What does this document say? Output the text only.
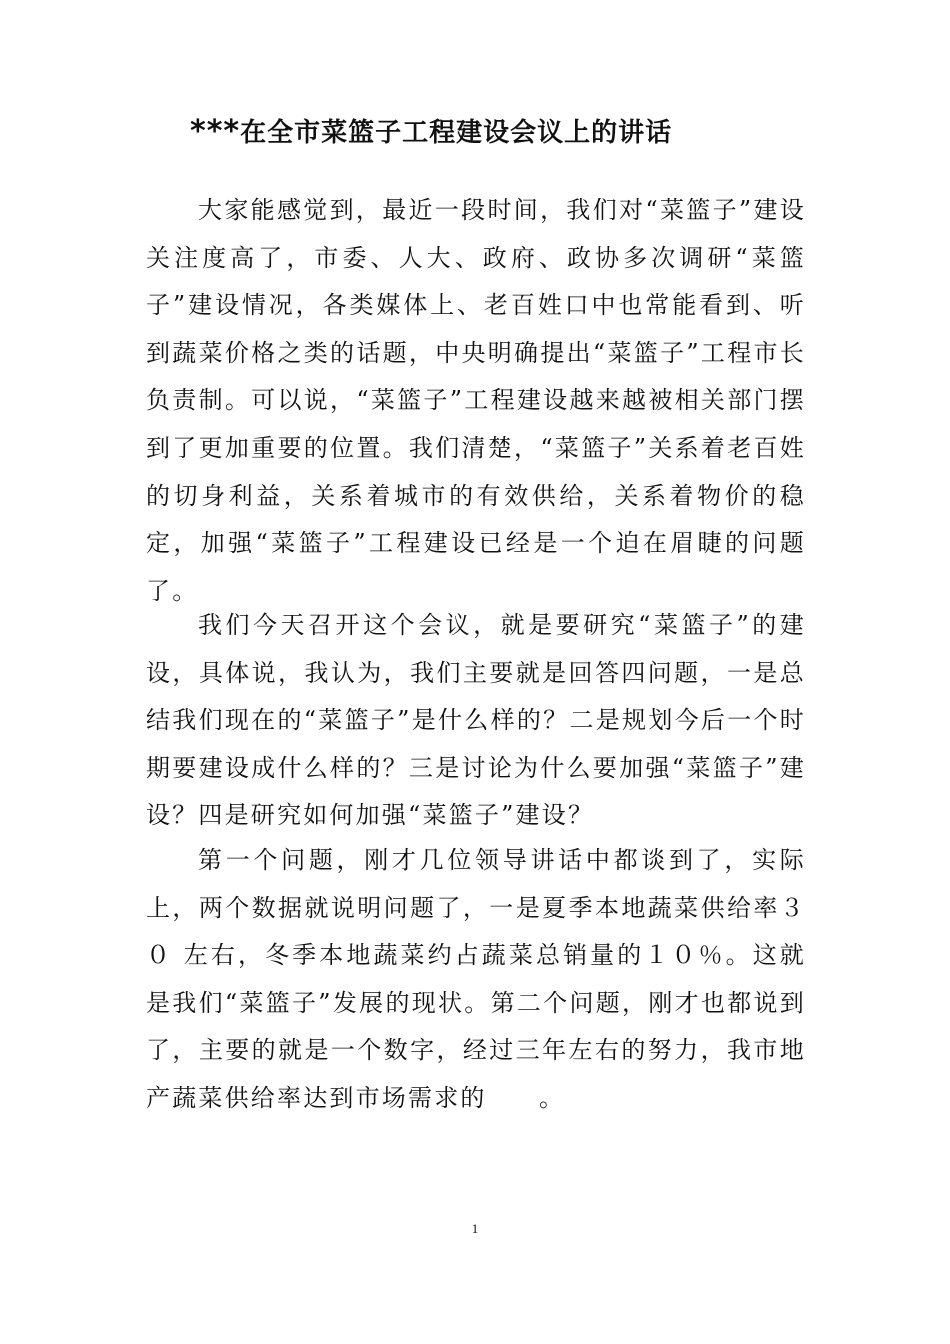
***在全市菜篮子工程建设会议上的讲话

大家能感觉到，最近一段时间，我们对“菜篮子”建设关注度高了，市委、人大、政府、政协多次调研“菜篮子”建设情况，各类媒体上、老百姓口中也常能看到、听到蔬菜价格之类的话题，中央明确提出“菜篮子”工程市长负责制。可以说，“菜篮子”工程建设越来越被相关部门摆到了更加重要的位置。我们清楚，“菜篮子”关系着老百姓的切身利益，关系着城市的有效供给，关系着物价的稳定，加强“菜篮子”工程建设已经是一个迫在眉睫的问题了。

我们今天召开这个会议，就是要研究“菜篮子”的建设，具体说，我认为，我们主要就是回答四问题，一是总结我们现在的“菜篮子”是什么样的？二是规划今后一个时期要建设成什么样的？三是讨论为什么要加强“菜篮子”建设？四是研究如何加强“菜篮子”建设？

第一个问题，刚才几位领导讲话中都谈到了，实际上，两个数据就说明问题了，一是夏季本地蔬菜供给率３０ 左右，冬季本地蔬菜约占蔬菜总销量的１０％。这就是我们“菜篮子”发展的现状。第二个问题，刚才也都说到了，主要的就是一个数字，经过三年左右的努力，我市地产蔬菜供给率达到市场需求的　　。

1
